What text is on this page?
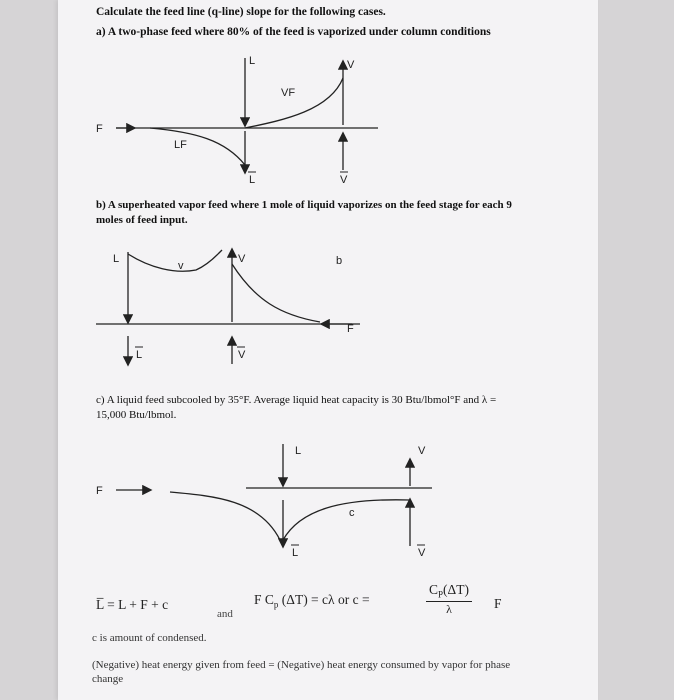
Calculate the feed line (q-line) slope for the following cases.
a) A two-phase feed where 80% of the feed is vaporized under column conditions
b) A superheated vapor feed where 1 mole of liquid vaporizes on the feed stage for each 9
moles of feed input.
c) A liquid feed subcooled by 35°F. Average liquid heat capacity is 30 Btu/lbmol°F and λ =
15,000 Btu/lbmol.
L	V
VF
F
LF
L	V
L
v
V	b
F
L	V
L	V
F
c
L	V
L̅ = L + F + c
and
F $C_p$ (ΔT) = cλ or c =
$C_P(\Delta T)$
λ	F
c is amount of condensed.
(Negative) heat energy given from feed = (Negative) heat energy consumed by vapor for phase
change
